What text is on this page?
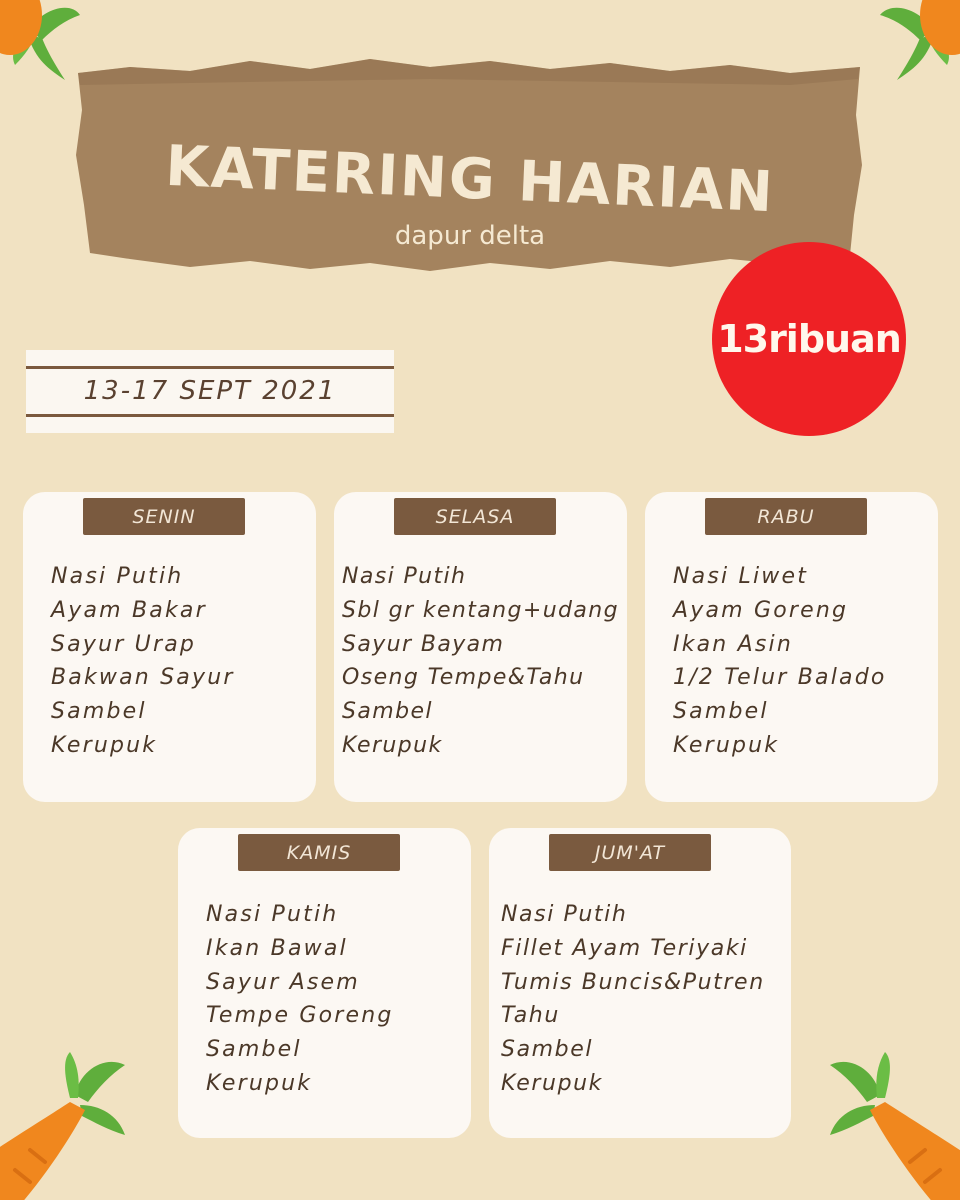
KATERING HARIAN
dapur delta
13ribuan
13-17 SEPT 2021
SENIN
Nasi Putih
Ayam Bakar
Sayur Urap
Bakwan Sayur
Sambel
Kerupuk
SELASA
Nasi Putih
Sbl gr kentang+udang
Sayur Bayam
Oseng Tempe&Tahu
Sambel
Kerupuk
RABU
Nasi Liwet
Ayam Goreng
Ikan Asin
1/2 Telur Balado
Sambel
Kerupuk
KAMIS
Nasi Putih
Ikan Bawal
Sayur Asem
Tempe Goreng
Sambel
Kerupuk
JUM'AT
Nasi Putih
Fillet Ayam Teriyaki
Tumis Buncis&Putren
Tahu
Sambel
Kerupuk
